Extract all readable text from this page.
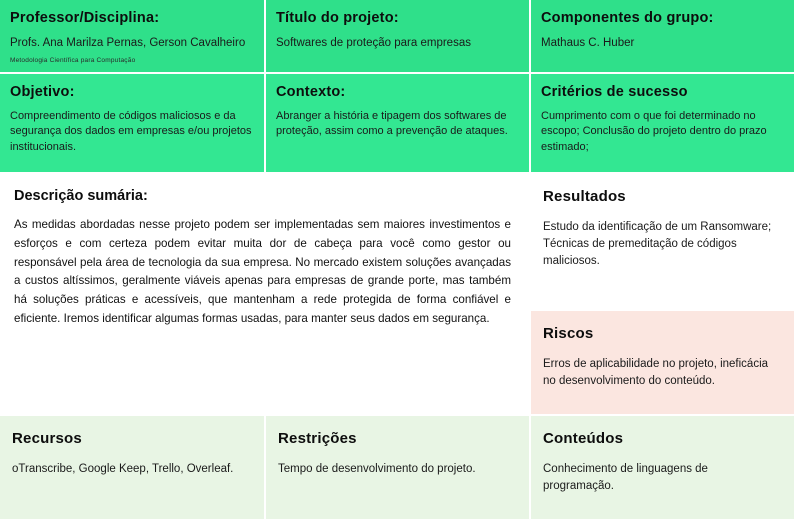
Professor/Disciplina:

Profs. Ana Marilza Pernas, Gerson Cavalheiro

Metodologia Científica para Computação

Título do projeto:

Softwares de proteção para empresas

Componentes do grupo:

Mathaus C. Huber

Objetivo:

Compreendimento de códigos maliciosos e da segurança dos dados em empresas e/ou projetos institucionais.

Contexto:

Abranger a história e tipagem dos softwares de proteção, assim como a prevenção de ataques.

Critérios de sucesso

Cumprimento com o que foi determinado no escopo; Conclusão do projeto dentro do prazo estimado;

Descrição sumária:

As medidas abordadas nesse projeto podem ser implementadas sem maiores investimentos e esforços e com certeza podem evitar muita dor de cabeça para você como gestor ou responsável pela área de tecnologia da sua empresa. No mercado existem soluções avançadas a custos altíssimos, geralmente viáveis apenas para empresas de grande porte, mas também há soluções práticas e acessíveis, que mantenham a rede protegida de forma confiável e eficiente. Iremos identificar algumas formas usadas, para manter seus dados em segurança.

Resultados

Estudo da identificação de um Ransomware; Técnicas de premeditação de códigos maliciosos.

Riscos

Erros de aplicabilidade no projeto, ineficácia no desenvolvimento do conteúdo.

Recursos

oTranscribe, Google Keep, Trello, Overleaf.

Restrições

Tempo de desenvolvimento do projeto.

Conteúdos

Conhecimento de linguagens de programação.
